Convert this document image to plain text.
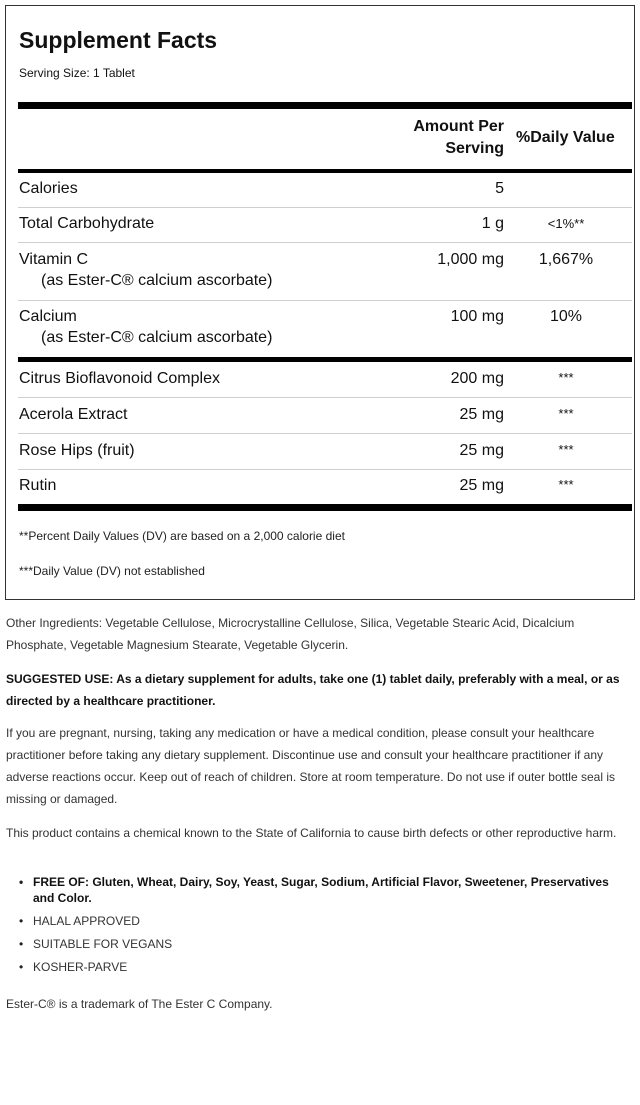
Supplement Facts
Serving Size: 1 Tablet
Amount Per
Serving
%Daily Value
Calories	5
Total Carbohydrate	1 g	<1%**
Vitamin C
(as Ester-C® calcium ascorbate)
1,000 mg	1,667%
Calcium
(as Ester-C® calcium ascorbate)
100 mg	10%
Citrus Bioflavonoid Complex	200 mg	***
Acerola Extract	25 mg	***
Rose Hips (fruit)	25 mg	***
Rutin	25 mg	***
**Percent Daily Values (DV) are based on a 2,000 calorie diet
***Daily Value (DV) not established
Other Ingredients: Vegetable Cellulose, Microcrystalline Cellulose, Silica, Vegetable Stearic Acid, Dicalcium Phosphate, Vegetable Magnesium Stearate, Vegetable Glycerin.
SUGGESTED USE: As a dietary supplement for adults, take one (1) tablet daily, preferably with a meal, or as directed by a healthcare practitioner.
If you are pregnant, nursing, taking any medication or have a medical condition, please consult your healthcare practitioner before taking any dietary supplement. Discontinue use and consult your healthcare practitioner if any adverse reactions occur. Keep out of reach of children. Store at room temperature. Do not use if outer bottle seal is missing or damaged.
This product contains a chemical known to the State of California to cause birth defects or other reproductive harm.
• FREE OF: Gluten, Wheat, Dairy, Soy, Yeast, Sugar, Sodium, Artificial Flavor, Sweetener, Preservatives and Color.
• HALAL APPROVED
• SUITABLE FOR VEGANS
• KOSHER-PARVE
Ester-C® is a trademark of The Ester C Company.
